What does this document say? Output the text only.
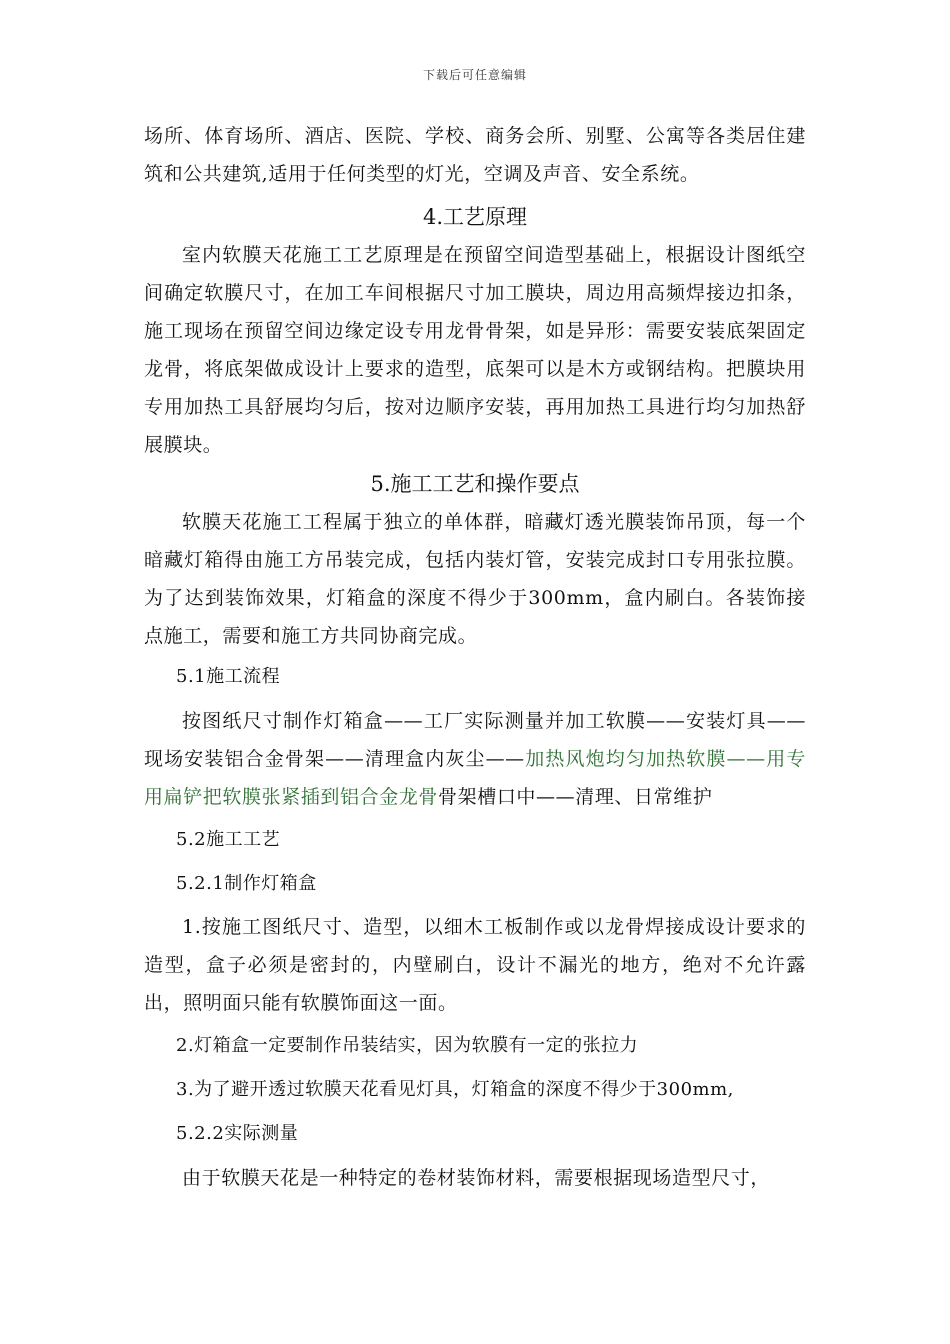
下载后可任意编辑
场所、体育场所、酒店、医院、学校、商务会所、别墅、公寓等各类居住建筑和公共建筑,适用于任何类型的灯光，空调及声音、安全系统。
4.工艺原理
室内软膜天花施工工艺原理是在预留空间造型基础上，根据设计图纸空间确定软膜尺寸，在加工车间根据尺寸加工膜块，周边用高频焊接边扣条，施工现场在预留空间边缘定设专用龙骨骨架，如是异形：需要安装底架固定龙骨，将底架做成设计上要求的造型，底架可以是木方或钢结构。把膜块用专用加热工具舒展均匀后，按对边顺序安装，再用加热工具进行均匀加热舒展膜块。
5.施工工艺和操作要点
软膜天花施工工程属于独立的单体群，暗藏灯透光膜装饰吊顶，每一个暗藏灯箱得由施工方吊装完成，包括内装灯管，安装完成封口专用张拉膜。为了达到装饰效果，灯箱盒的深度不得少于300mm，盒内刷白。各装饰接点施工，需要和施工方共同协商完成。
5.1施工流程
按图纸尺寸制作灯箱盒——工厂实际测量并加工软膜——安装灯具——现场安装铝合金骨架——清理盒内灰尘——加热风炮均匀加热软膜——用专用扁铲把软膜张紧插到铝合金龙骨骨架槽口中——清理、日常维护
5.2施工工艺
5.2.1制作灯箱盒
1.按施工图纸尺寸、造型，以细木工板制作或以龙骨焊接成设计要求的造型，盒子必须是密封的，内壁刷白，设计不漏光的地方，绝对不允许露出，照明面只能有软膜饰面这一面。
2.灯箱盒一定要制作吊装结实，因为软膜有一定的张拉力
3.为了避开透过软膜天花看见灯具，灯箱盒的深度不得少于300mm,
5.2.2实际测量
由于软膜天花是一种特定的卷材装饰材料，需要根据现场造型尺寸，
